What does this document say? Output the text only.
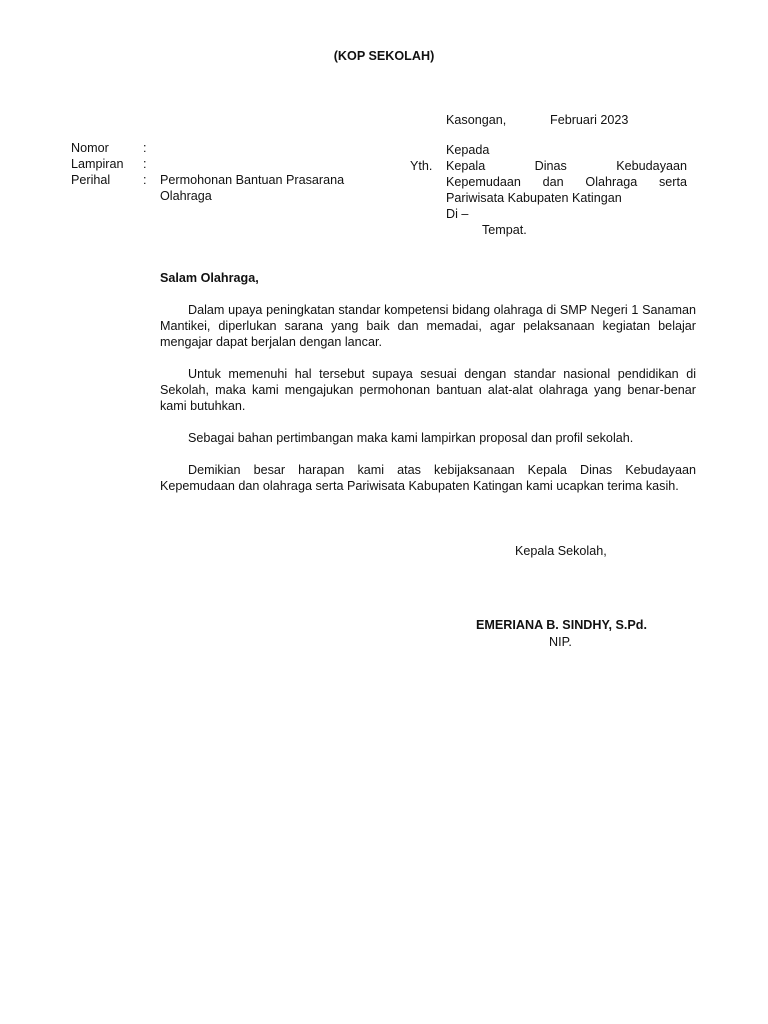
(KOP SEKOLAH)
Kasongan,	Februari 2023
Nomor	:
Lampiran :
Perihal	: Permohonan Bantuan Prasarana Olahraga
Yth.
Kepada
Kepala Dinas Kebudayaan
Kepemudaan dan Olahraga serta
Pariwisata Kabupaten Katingan
Di –
Tempat.
Salam Olahraga,
Dalam upaya peningkatan standar kompetensi bidang olahraga di SMP Negeri 1 Sanaman Mantikei, diperlukan sarana yang baik dan memadai, agar pelaksanaan kegiatan belajar mengajar dapat berjalan dengan lancar.
Untuk memenuhi hal tersebut supaya sesuai dengan standar nasional pendidikan di Sekolah, maka kami mengajukan permohonan bantuan alat-alat olahraga yang benar-benar kami butuhkan.
Sebagai bahan pertimbangan maka kami lampirkan proposal dan profil sekolah.
Demikian besar harapan kami atas kebijaksanaan Kepala Dinas Kebudayaan Kepemudaan dan olahraga serta Pariwisata Kabupaten Katingan kami ucapkan terima kasih.
Kepala Sekolah,
EMERIANA B. SINDHY, S.Pd.
NIP.
